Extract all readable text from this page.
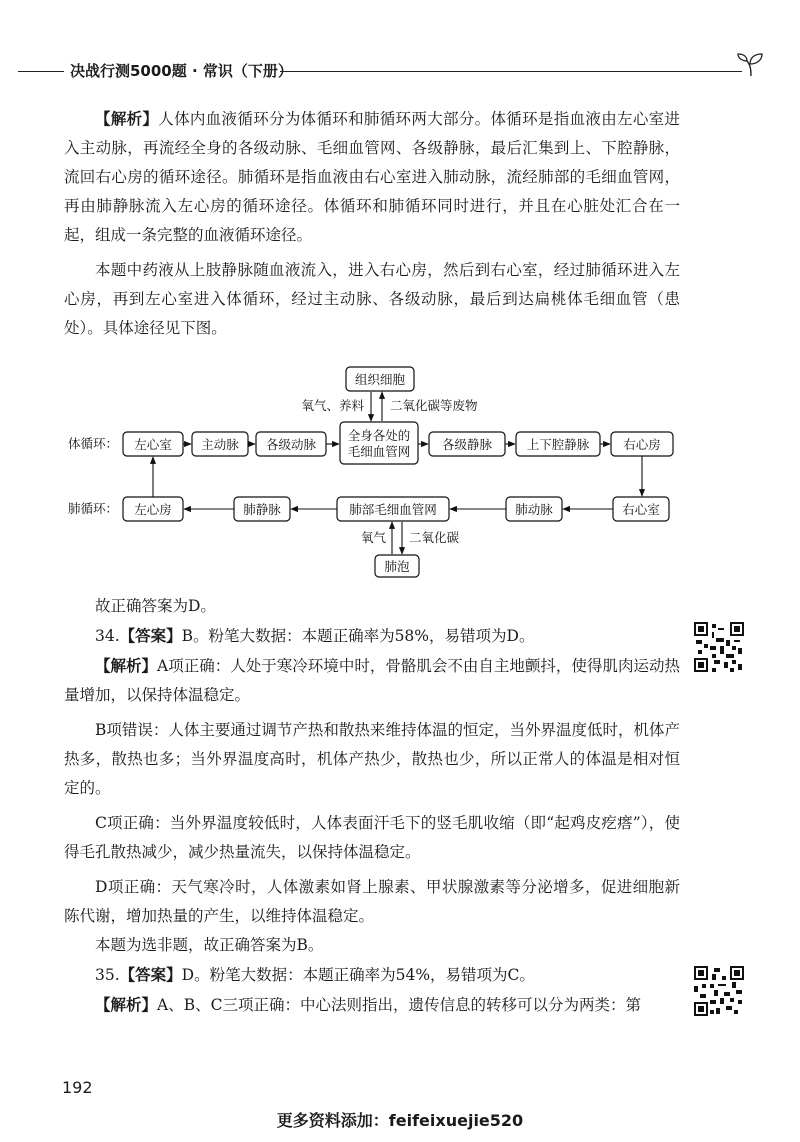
决战行测5000题 · 常识（下册）

【解析】人体内血液循环分为体循环和肺循环两大部分。体循环是指血液由左心室进入主动脉，再流经全身的各级动脉、毛细血管网、各级静脉，最后汇集到上、下腔静脉，流回右心房的循环途径。肺循环是指血液由右心室进入肺动脉，流经肺部的毛细血管网，再由肺静脉流入左心房的循环途径。体循环和肺循环同时进行，并且在心脏处汇合在一起，组成一条完整的血液循环途径。

本题中药液从上肢静脉随血液流入，进入右心房，然后到右心室，经过肺循环进入左心房，再到左心室进入体循环，经过主动脉、各级动脉，最后到达扁桃体毛细血管（患处）。具体途径见下图。

组织细胞
氧气、养料 二氧化碳等废物
体循环： 左心室 主动脉 各级动脉
全身各处的
毛细血管网	各级静脉	上下腔静脉	右心房
肺循环： 左心房	肺静脉	肺部毛细血管网	肺动脉	右心室
氧气 二氧化碳
肺泡

故正确答案为D。

34.【答案】B。粉笔大数据：本题正确率为58%，易错项为D。

【解析】A项正确：人处于寒冷环境中时，骨骼肌会不由自主地颤抖，使得肌肉运动热量增加，以保持体温稳定。

B项错误：人体主要通过调节产热和散热来维持体温的恒定，当外界温度低时，机体产热多，散热也多；当外界温度高时，机体产热少，散热也少，所以正常人的体温是相对恒定的。

C项正确：当外界温度较低时，人体表面汗毛下的竖毛肌收缩（即“起鸡皮疙瘩”），使得毛孔散热减少，减少热量流失，以保持体温稳定。

D项正确：天气寒冷时，人体激素如肾上腺素、甲状腺激素等分泌增多，促进细胞新陈代谢，增加热量的产生，以维持体温稳定。

本题为选非题，故正确答案为B。

35.【答案】D。粉笔大数据：本题正确率为54%，易错项为C。

【解析】A、B、C三项正确：中心法则指出，遗传信息的转移可以分为两类：第

192
更多资料添加：feifeixuejie520
